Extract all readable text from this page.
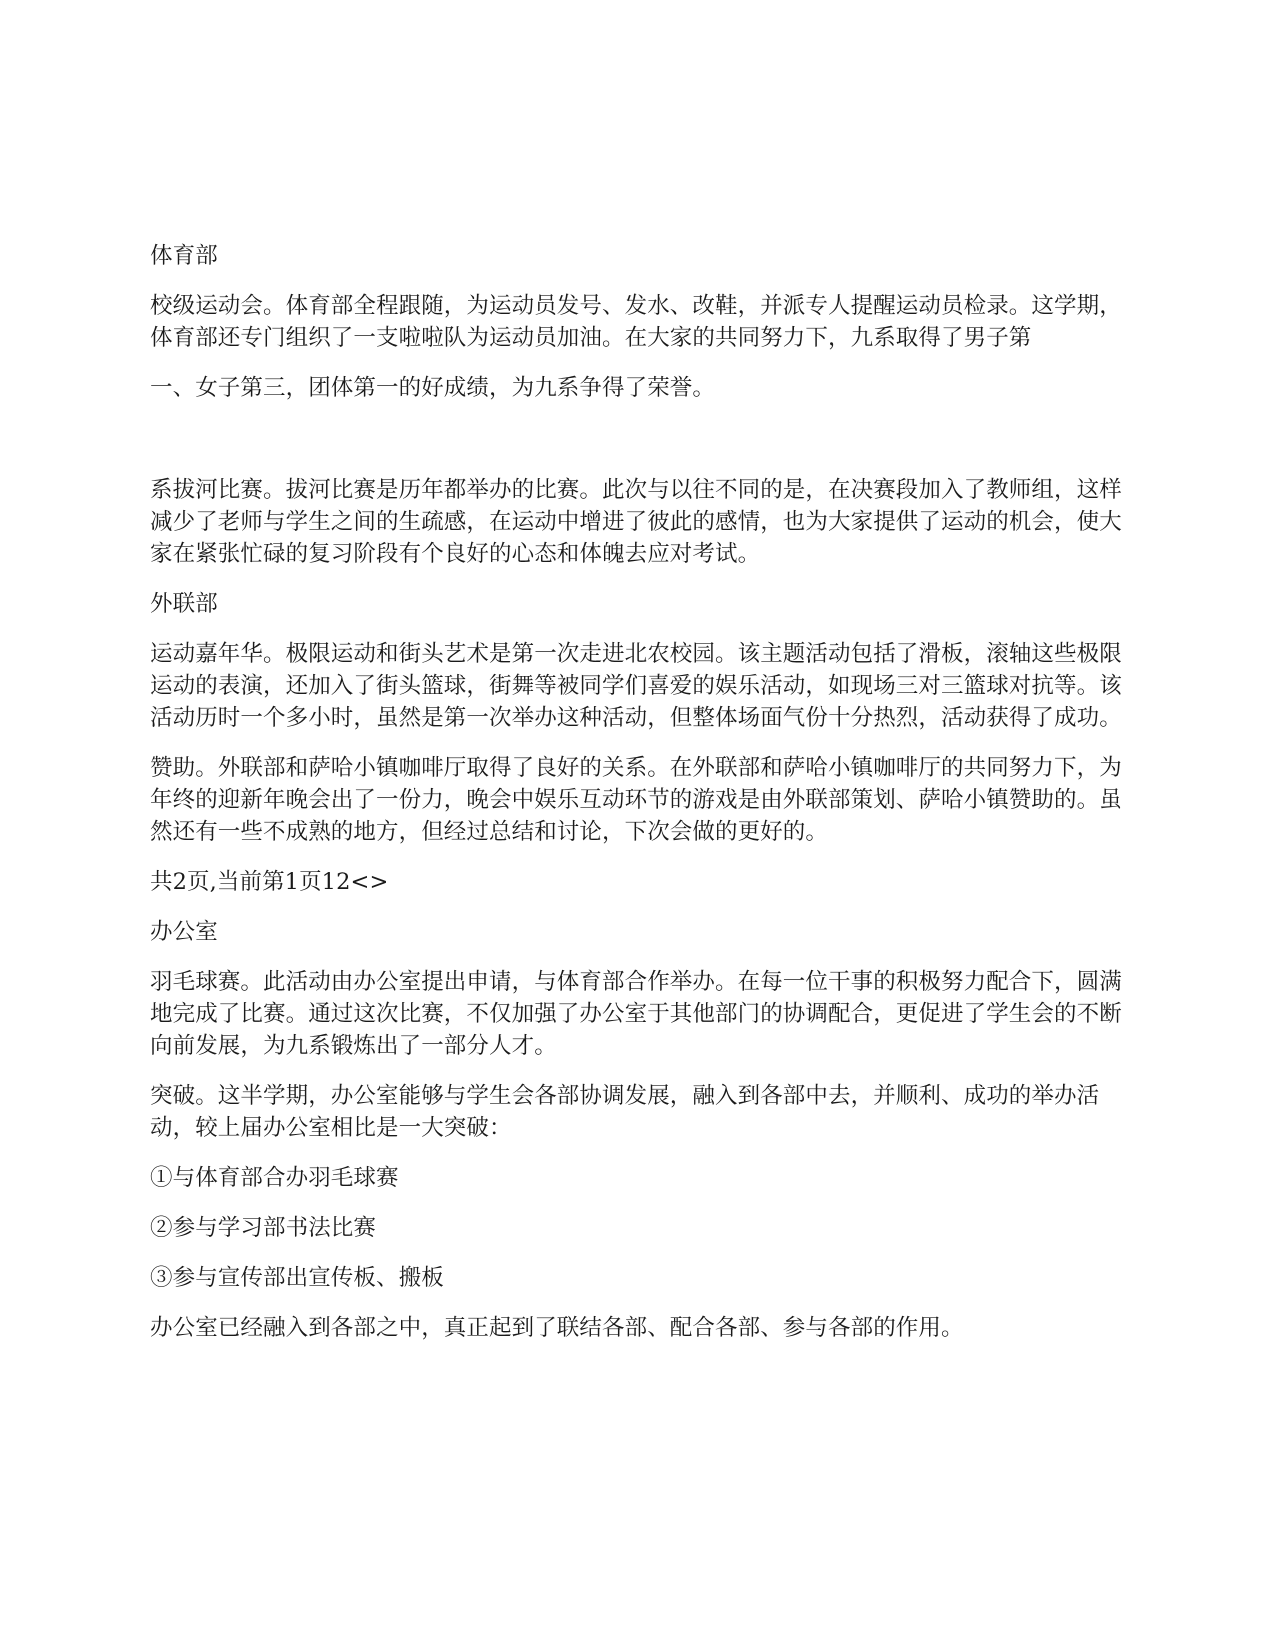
体育部

校级运动会。体育部全程跟随，为运动员发号、发水、改鞋，并派专人提醒运动员检录。这学期，体育部还专门组织了一支啦啦队为运动员加油。在大家的共同努力下，九系取得了男子第

一、女子第三，团体第一的好成绩，为九系争得了荣誉。

系拔河比赛。拔河比赛是历年都举办的比赛。此次与以往不同的是，在决赛段加入了教师组，这样减少了老师与学生之间的生疏感，在运动中增进了彼此的感情，也为大家提供了运动的机会，使大家在紧张忙碌的复习阶段有个良好的心态和体魄去应对考试。

外联部

运动嘉年华。极限运动和街头艺术是第一次走进北农校园。该主题活动包括了滑板，滚轴这些极限运动的表演，还加入了街头篮球，街舞等被同学们喜爱的娱乐活动，如现场三对三篮球对抗等。该活动历时一个多小时，虽然是第一次举办这种活动，但整体场面气份十分热烈，活动获得了成功。

赞助。外联部和萨哈小镇咖啡厅取得了良好的关系。在外联部和萨哈小镇咖啡厅的共同努力下，为年终的迎新年晚会出了一份力，晚会中娱乐互动环节的游戏是由外联部策划、萨哈小镇赞助的。虽然还有一些不成熟的地方，但经过总结和讨论，下次会做的更好的。

共2页,当前第1页12<>

办公室

羽毛球赛。此活动由办公室提出申请，与体育部合作举办。在每一位干事的积极努力配合下，圆满地完成了比赛。通过这次比赛，不仅加强了办公室于其他部门的协调配合，更促进了学生会的不断向前发展，为九系锻炼出了一部分人才。

突破。这半学期，办公室能够与学生会各部协调发展，融入到各部中去，并顺利、成功的举办活动，较上届办公室相比是一大突破：

①与体育部合办羽毛球赛

②参与学习部书法比赛

③参与宣传部出宣传板、搬板

办公室已经融入到各部之中，真正起到了联结各部、配合各部、参与各部的作用。
